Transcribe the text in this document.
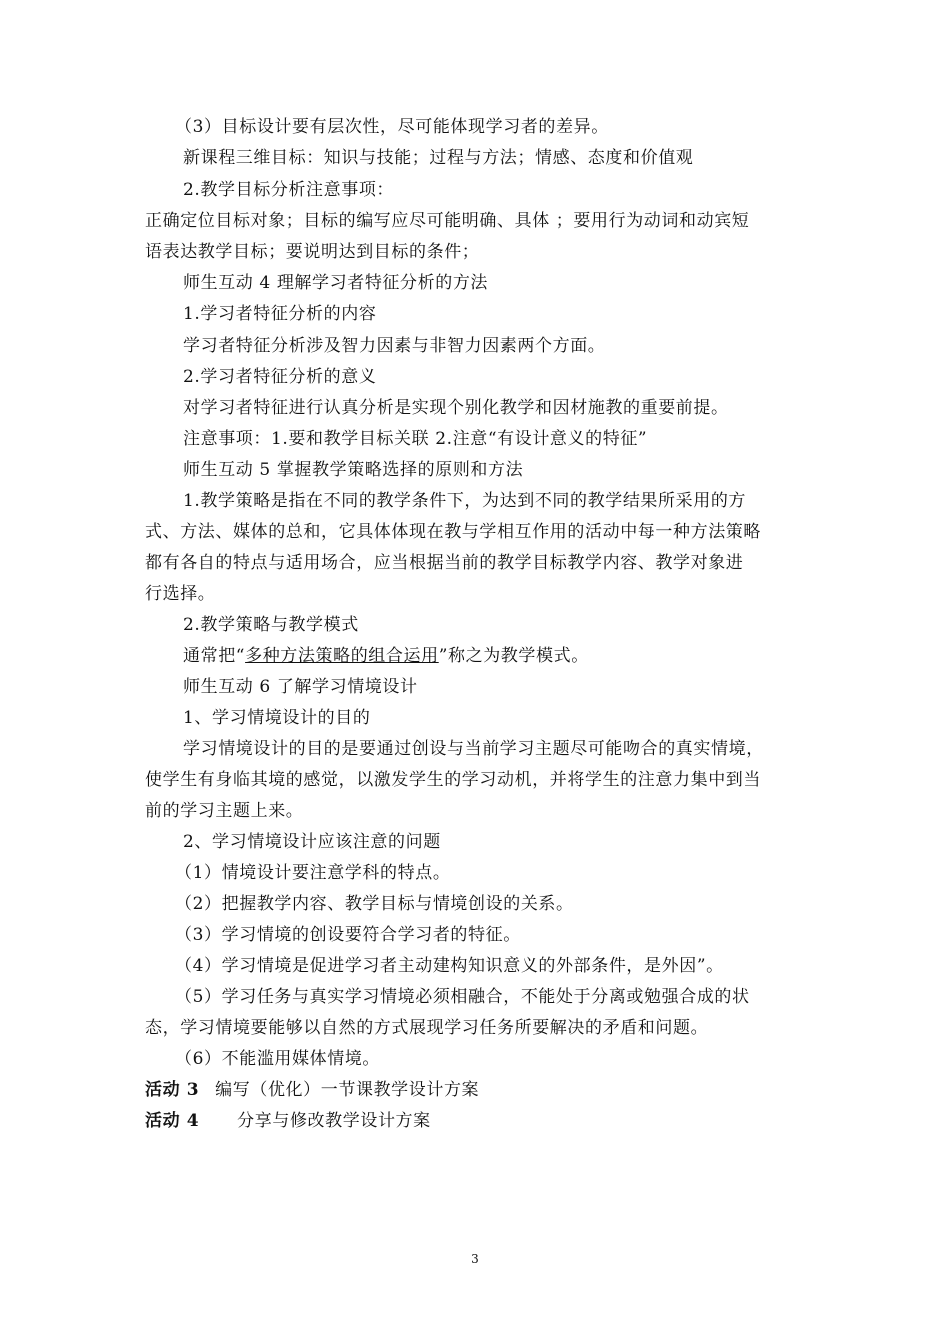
（3）目标设计要有层次性，尽可能体现学习者的差异。
新课程三维目标：知识与技能；过程与方法；情感、态度和价值观
2.教学目标分析注意事项：
正确定位目标对象；目标的编写应尽可能明确、具体 ；要用行为动词和动宾短
语表达教学目标；要说明达到目标的条件；
师生互动 4 理解学习者特征分析的方法
1.学习者特征分析的内容
学习者特征分析涉及智力因素与非智力因素两个方面。
2.学习者特征分析的意义
对学习者特征进行认真分析是实现个别化教学和因材施教的重要前提。
注意事项：1.要和教学目标关联 2.注意“有设计意义的特征”
师生互动 5 掌握教学策略选择的原则和方法
1.教学策略是指在不同的教学条件下，为达到不同的教学结果所采用的方
式、方法、媒体的总和，它具体体现在教与学相互作用的活动中每一种方法策略
都有各自的特点与适用场合，应当根据当前的教学目标教学内容、教学对象进
行选择。
2.教学策略与教学模式
通常把“多种方法策略的组合运用”称之为教学模式。
师生互动 6 了解学习情境设计
1、学习情境设计的目的
学习情境设计的目的是要通过创设与当前学习主题尽可能吻合的真实情境，
使学生有身临其境的感觉，以激发学生的学习动机，并将学生的注意力集中到当
前的学习主题上来。
2、学习情境设计应该注意的问题
（1）情境设计要注意学科的特点。
（2）把握教学内容、教学目标与情境创设的关系。
（3）学习情境的创设要符合学习者的特征。
（4）学习情境是促进学习者主动建构知识意义的外部条件，是外因”。
（5）学习任务与真实学习情境必须相融合，不能处于分离或勉强合成的状
态，学习情境要能够以自然的方式展现学习任务所要解决的矛盾和问题。
（6）不能滥用媒体情境。
活动 3 编写（优化）一节课教学设计方案
活动 4 分享与修改教学设计方案
3
